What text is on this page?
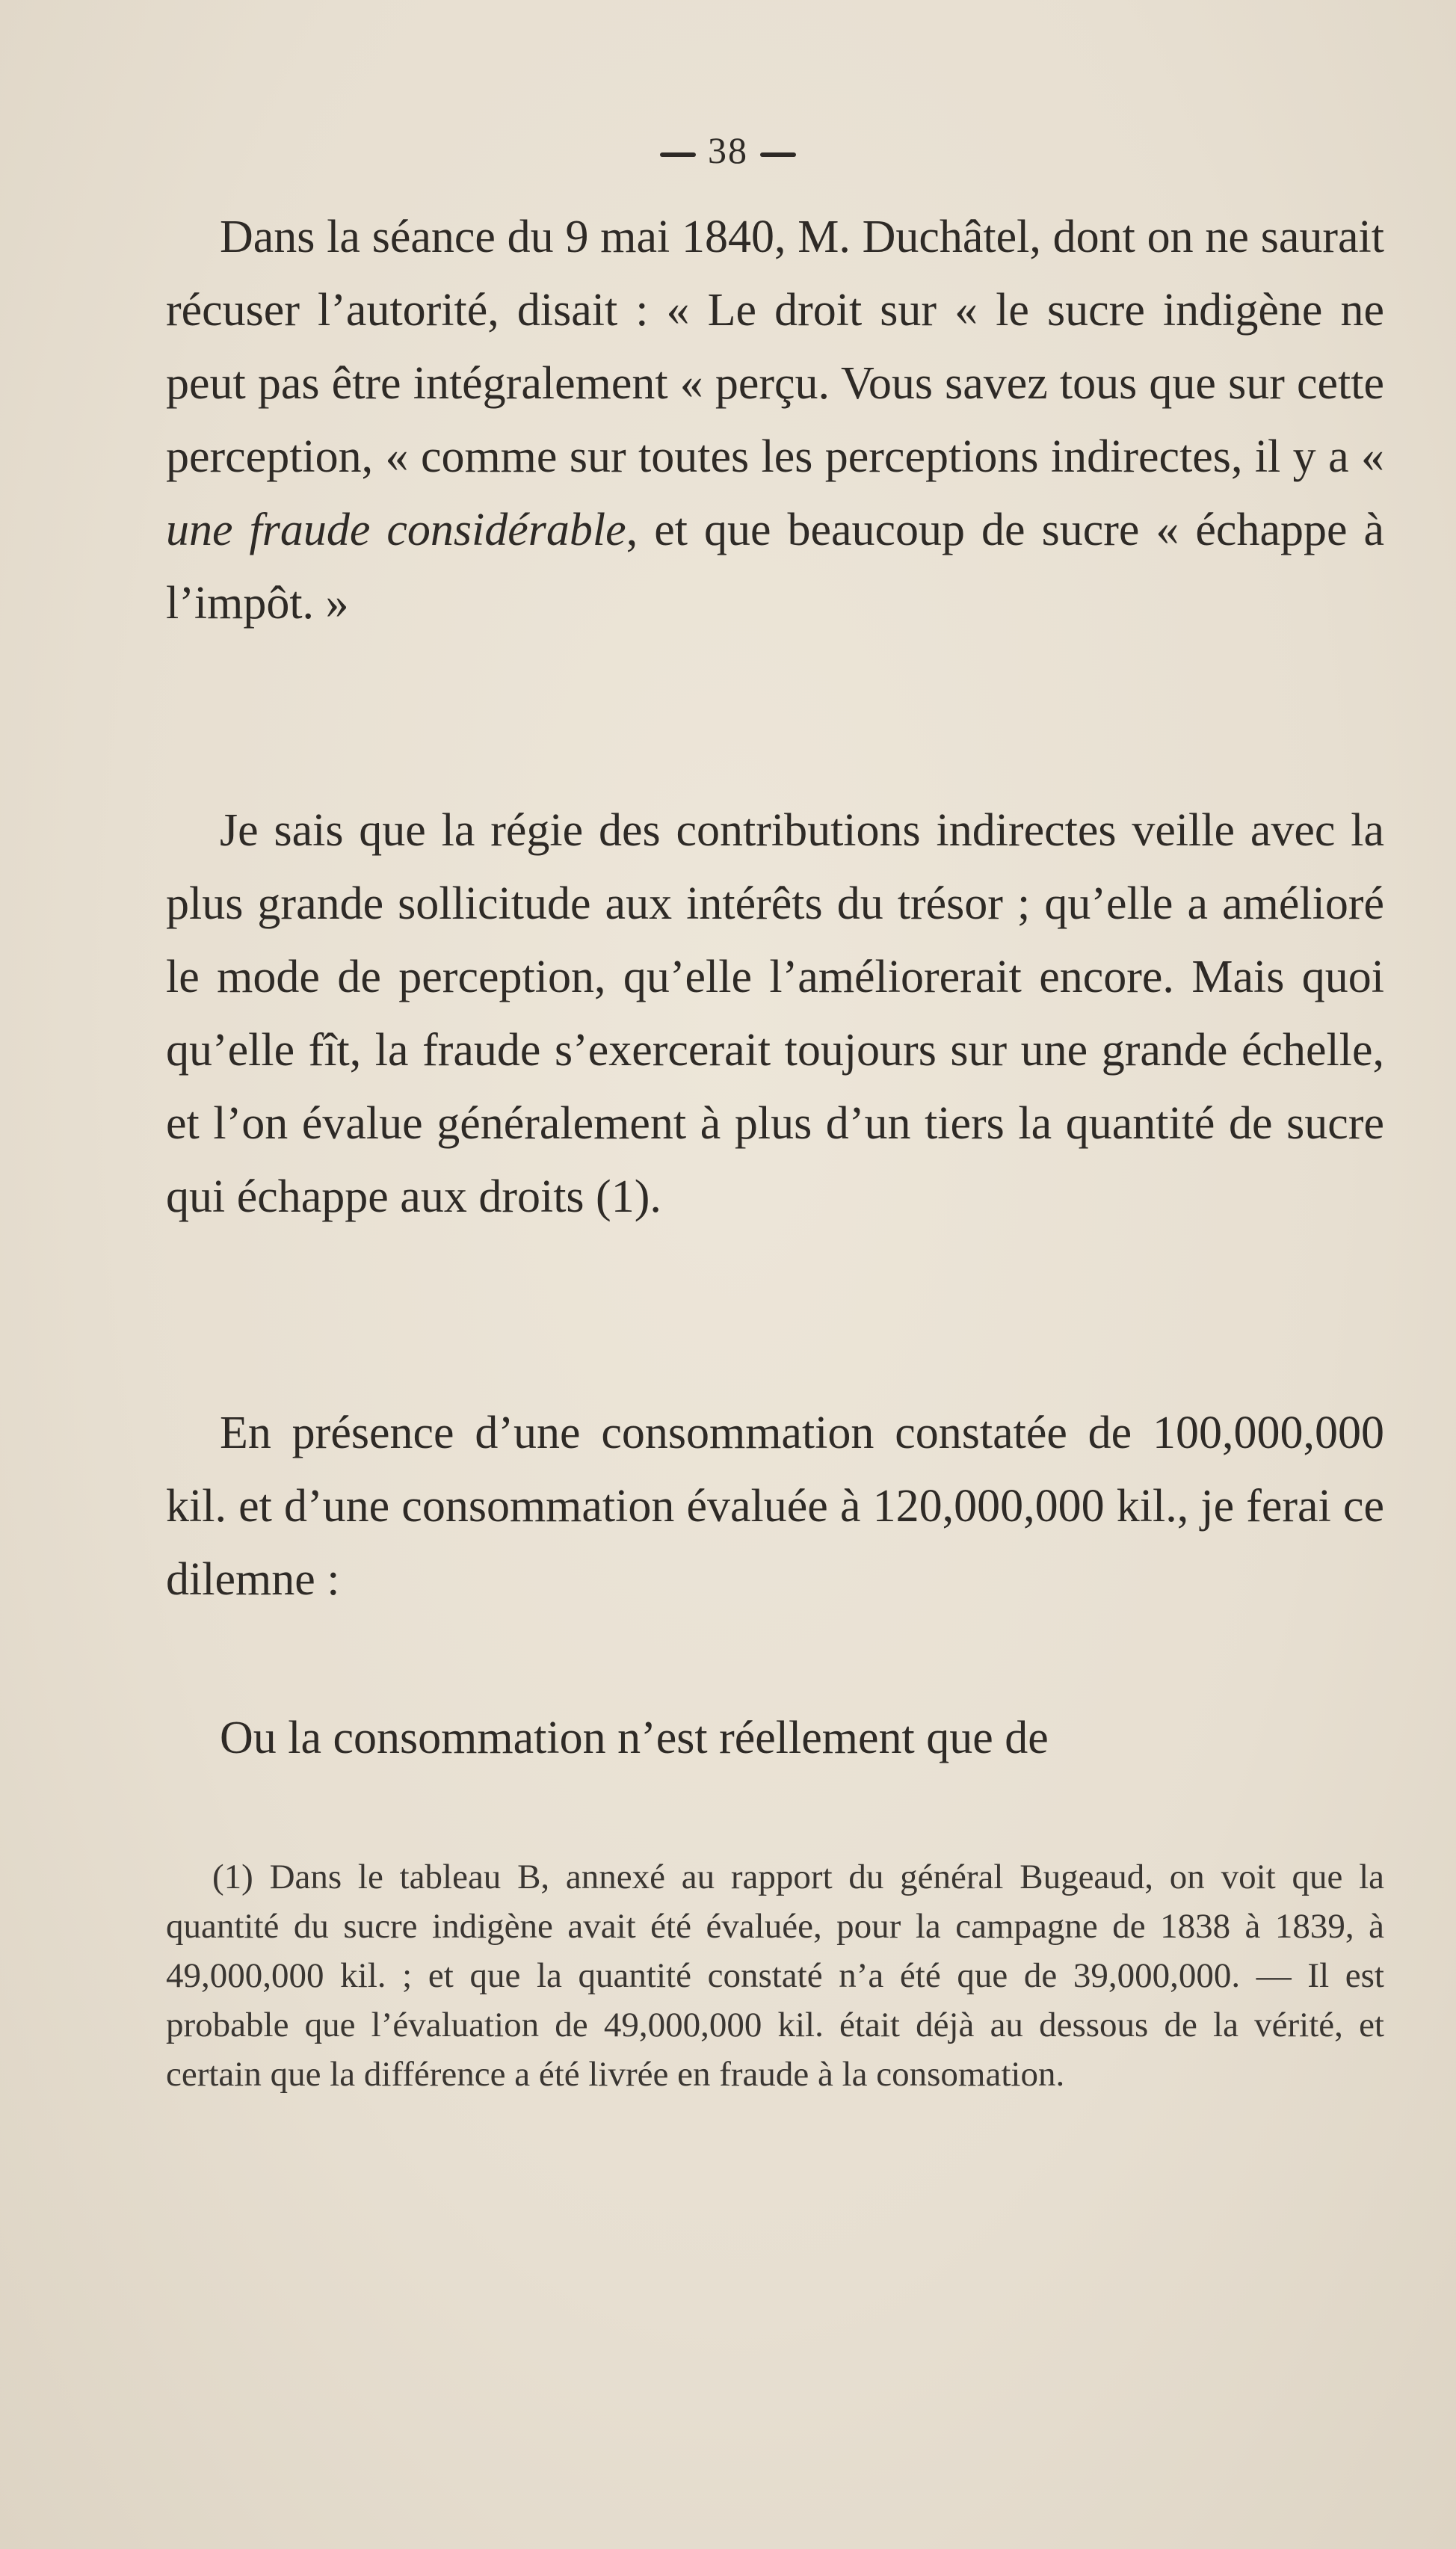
38

Dans la séance du 9 mai 1840, M. Duchâtel, dont on ne saurait récuser l’autorité, disait : « Le droit sur « le sucre indigène ne peut pas être intégralement « perçu. Vous savez tous que sur cette perception, « comme sur toutes les perceptions indirectes, il y a « une fraude considérable, et que beaucoup de sucre « échappe à l’impôt. »

Je sais que la régie des contributions indirectes veille avec la plus grande sollicitude aux intérêts du trésor ; qu’elle a amélioré le mode de perception, qu’elle l’améliorerait encore. Mais quoi qu’elle fît, la fraude s’exercerait toujours sur une grande échelle, et l’on évalue généralement à plus d’un tiers la quantité de sucre qui échappe aux droits (1).

En présence d’une consommation constatée de 100,000,000 kil. et d’une consommation évaluée à 120,000,000 kil., je ferai ce dilemne :

Ou la consommation n’est réellement que de

(1) Dans le tableau B, annexé au rapport du général Bugeaud, on voit que la quantité du sucre indigène avait été évaluée, pour la campagne de 1838 à 1839, à 49,000,000 kil. ; et que la quantité constaté n’a été que de 39,000,000. — Il est probable que l’évaluation de 49,000,000 kil. était déjà au dessous de la vérité, et certain que la différence a été livrée en fraude à la consomation.
